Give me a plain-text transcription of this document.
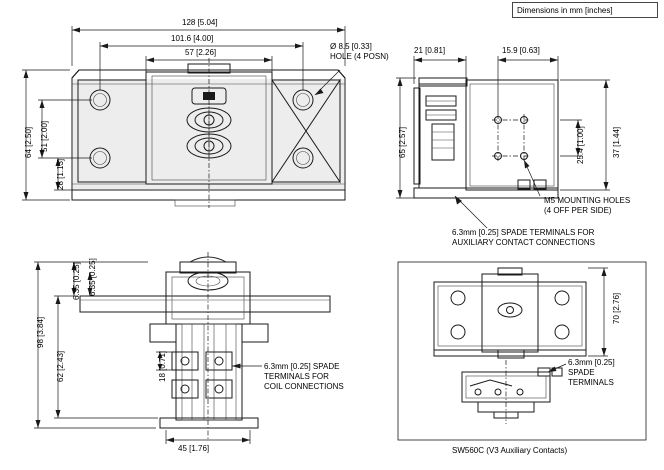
Dimensions in mm [inches]
128 [5.04]
101.6 [4.00]
57 [2.26]
64 [2.50] 51 [2.00]
28 [1.13]
Ø 8.5 [0.33]
HOLE (4 POSN)
21 [0.81]	15.9 [0.63]
65 [2.57]	37 [1.44]
25.4 [1.00]
M5 MOUNTING HOLES
(4 OFF PER SIDE)
6.3mm [0.25] SPADE TERMINALS FOR
AUXILIARY CONTACT CONNECTIONS
98 [3.84]
62 [2.43]
6.35 [0.25] 6.35 [0.25]
18 [0.71]
45 [1.76]
6.3mm [0.25] SPADE
TERMINALS FOR
COIL CONNECTIONS
70 [2.76]
6.3mm [0.25]
SPADE
TERMINALS
SW560C (V3 Auxiliary Contacts)
